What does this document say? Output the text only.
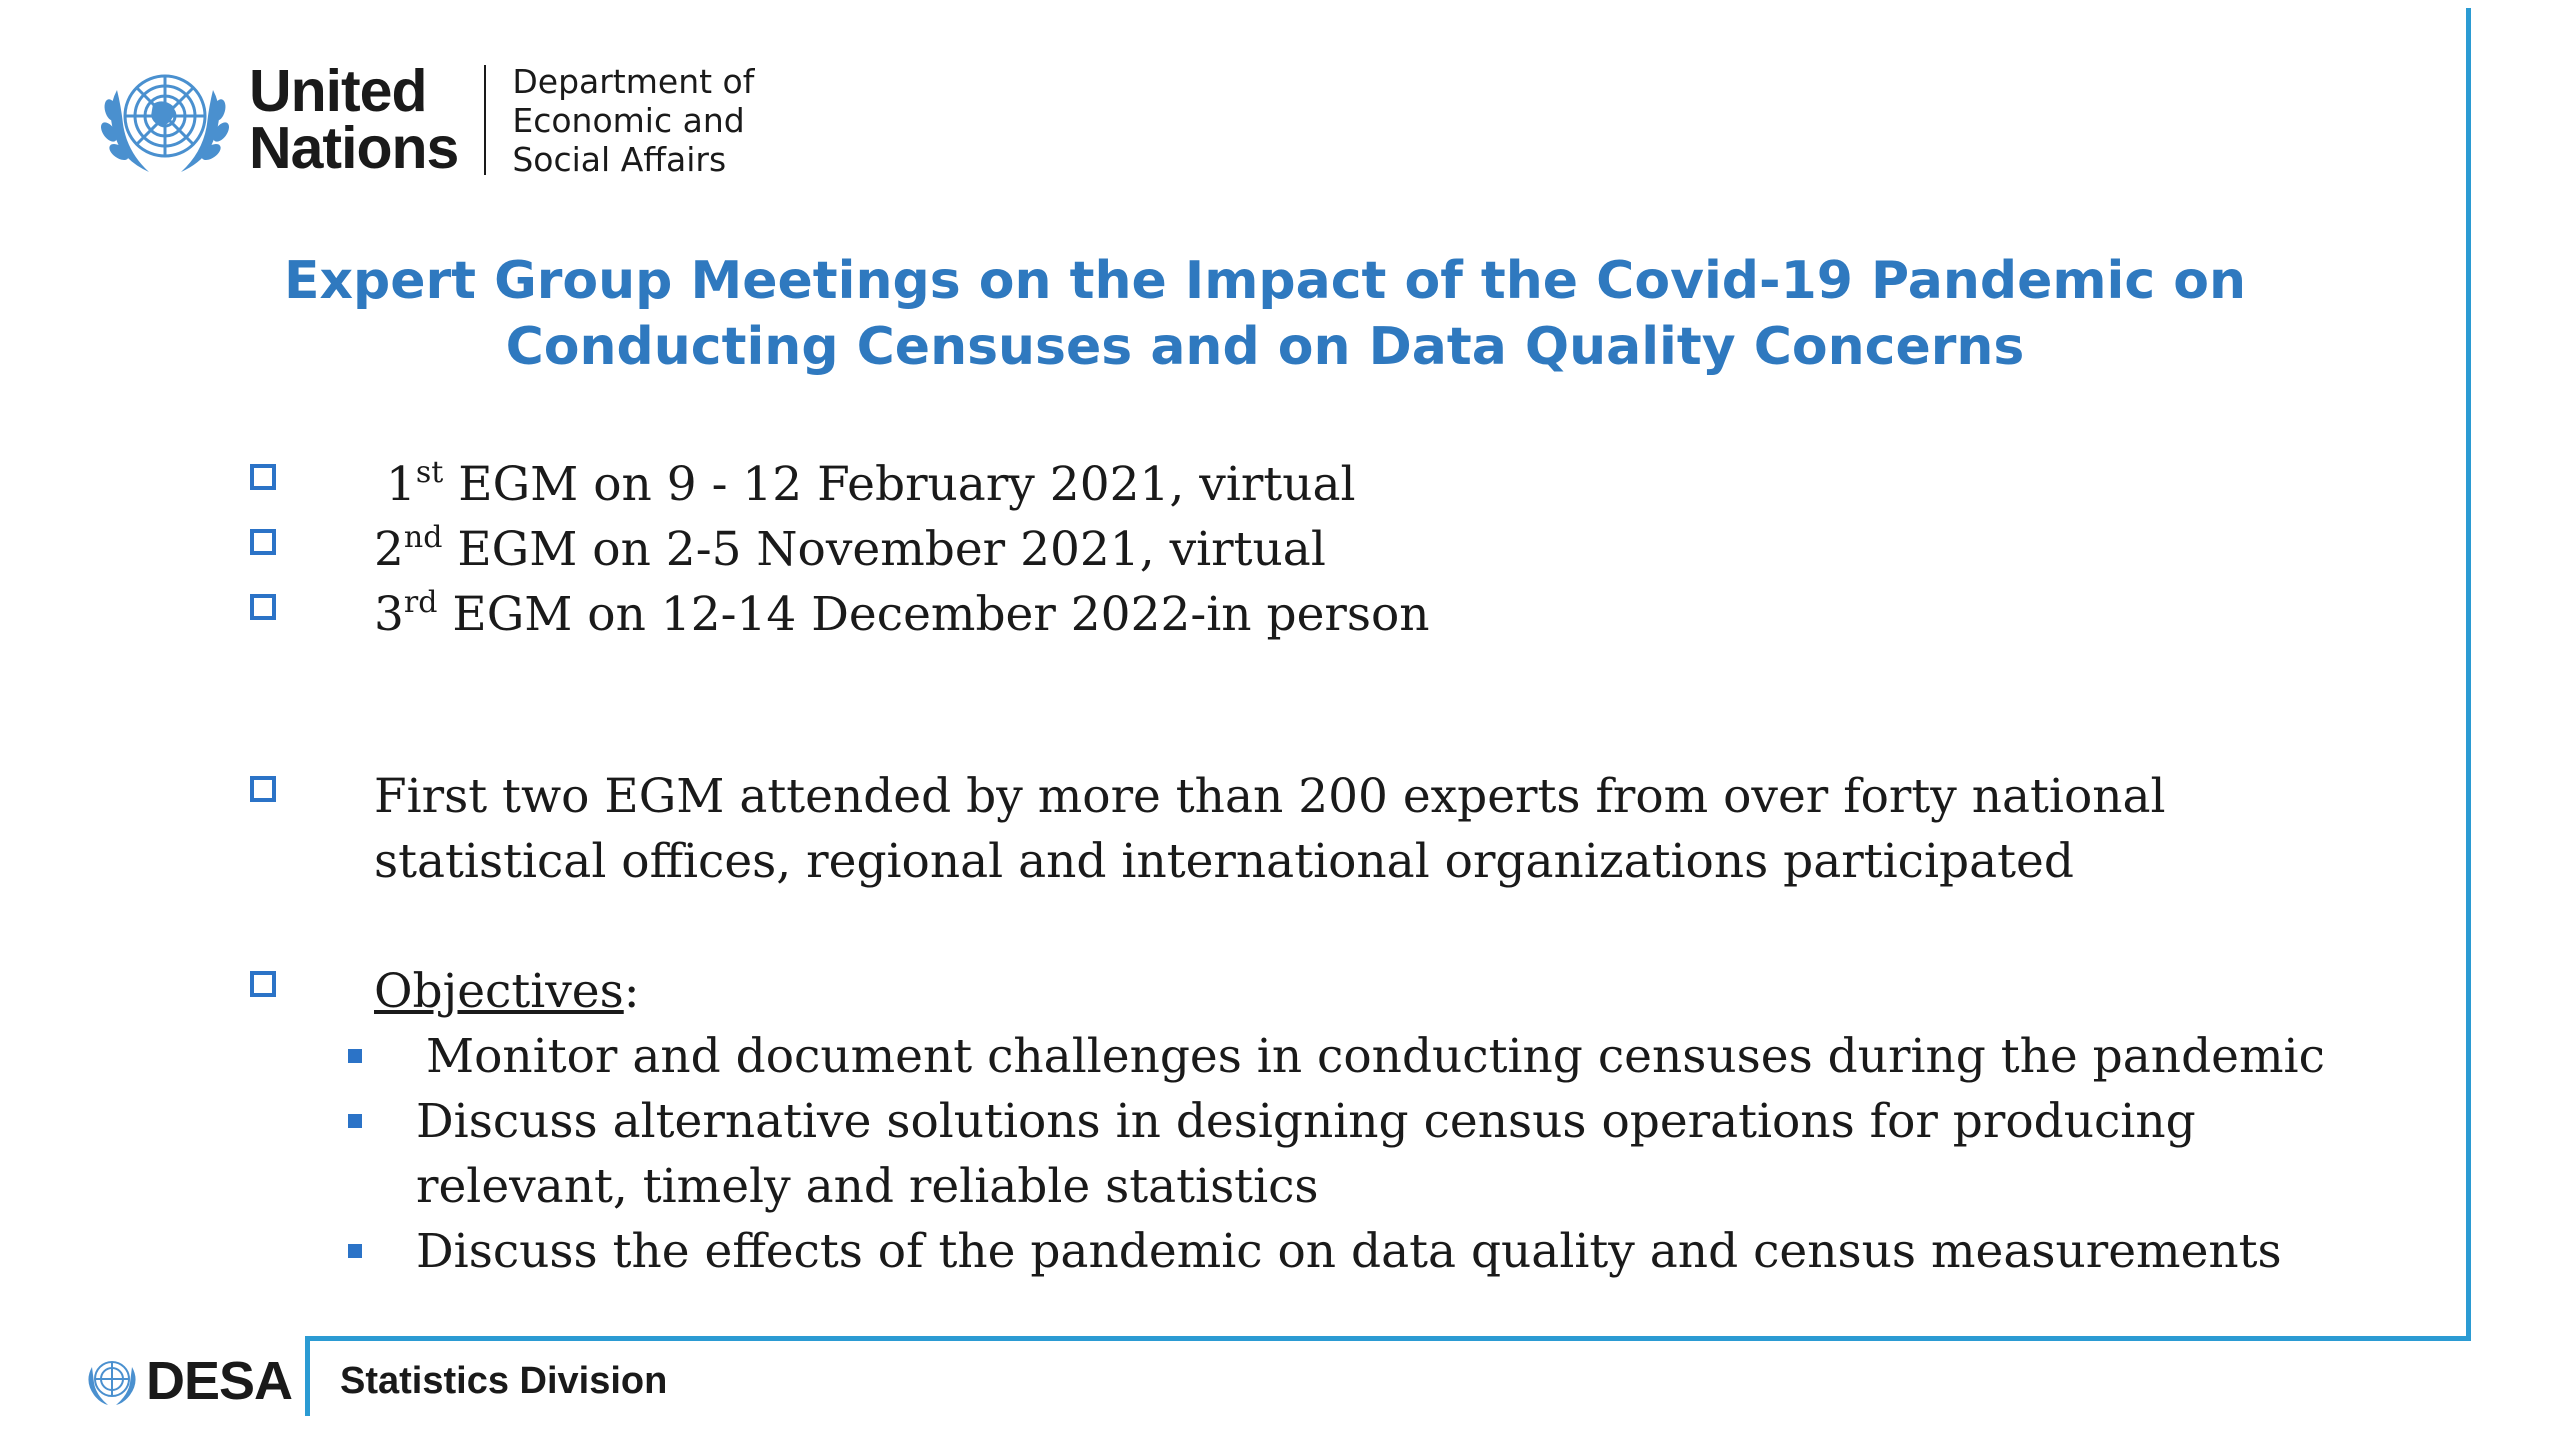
United
Nations
Department of
Economic and
Social Affairs
Expert Group Meetings on the Impact of the Covid-19 Pandemic on Conducting Censuses and on Data Quality Concerns
1st EGM on 9 - 12 February 2021, virtual
2nd EGM on 2-5 November 2021, virtual
3rd EGM on 12-14 December 2022-in person
First two EGM attended by more than 200 experts from over forty national statistical offices, regional and international organizations participated
Objectives:
Monitor and document challenges in conducting censuses during the pandemic
Discuss alternative solutions in designing census operations for producing relevant, timely and reliable statistics
Discuss the effects of the pandemic on data quality and census measurements
DESA Statistics Division
